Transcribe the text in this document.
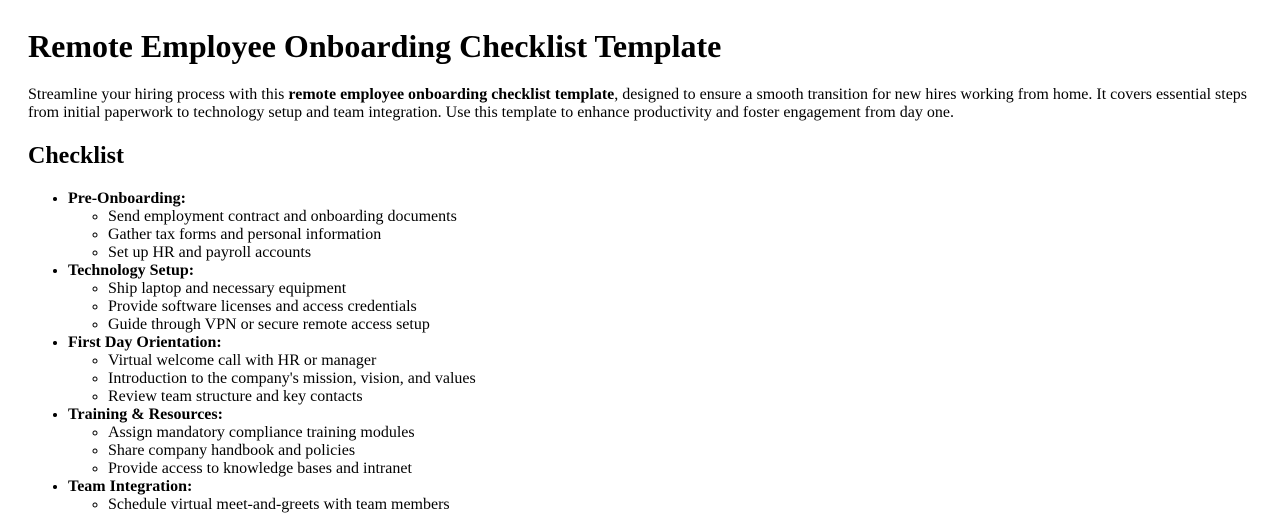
Remote Employee Onboarding Checklist Template

Streamline your hiring process with this remote employee onboarding checklist template, designed to ensure a smooth transition for new hires working from home. It covers essential steps from initial paperwork to technology setup and team integration. Use this template to enhance productivity and foster engagement from day one.

Checklist
• Pre-Onboarding:
◦ Send employment contract and onboarding documents
◦ Gather tax forms and personal information
◦ Set up HR and payroll accounts
• Technology Setup:
◦ Ship laptop and necessary equipment
◦ Provide software licenses and access credentials
◦ Guide through VPN or secure remote access setup
• First Day Orientation:
◦ Virtual welcome call with HR or manager
◦ Introduction to the company's mission, vision, and values
◦ Review team structure and key contacts
• Training & Resources:
◦ Assign mandatory compliance training modules
◦ Share company handbook and policies
◦ Provide access to knowledge bases and intranet
• Team Integration:
◦ Schedule virtual meet-and-greets with team members
